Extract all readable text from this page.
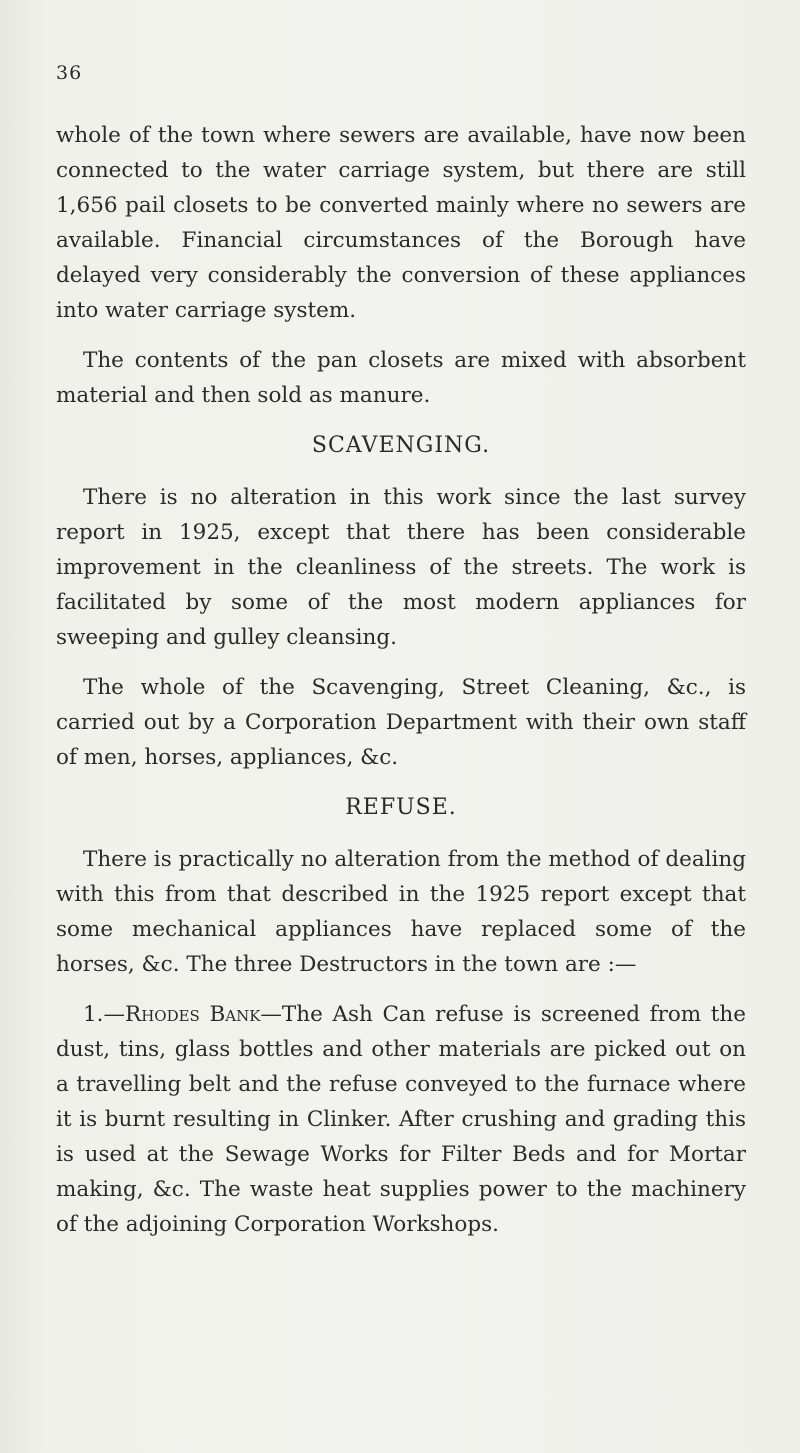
36

whole of the town where sewers are available, have now been connected to the water carriage system, but there are still 1,656 pail closets to be converted mainly where no sewers are available. Financial circumstances of the Borough have delayed very considerably the conversion of these appliances into water carriage system.

The contents of the pan closets are mixed with absorbent material and then sold as manure.

SCAVENGING.

There is no alteration in this work since the last survey report in 1925, except that there has been considerable improvement in the cleanliness of the streets. The work is facilitated by some of the most modern appliances for sweeping and gulley cleansing.

The whole of the Scavenging, Street Cleaning, &c., is carried out by a Corporation Department with their own staff of men, horses, appliances, &c.

REFUSE.

There is practically no alteration from the method of dealing with this from that described in the 1925 report except that some mechanical appliances have replaced some of the horses, &c. The three Destructors in the town are :—

1.—Rhodes Bank—The Ash Can refuse is screened from the dust, tins, glass bottles and other materials are picked out on a travelling belt and the refuse conveyed to the furnace where it is burnt resulting in Clinker. After crushing and grading this is used at the Sewage Works for Filter Beds and for Mortar making, &c. The waste heat supplies power to the machinery of the adjoining Corporation Workshops.
